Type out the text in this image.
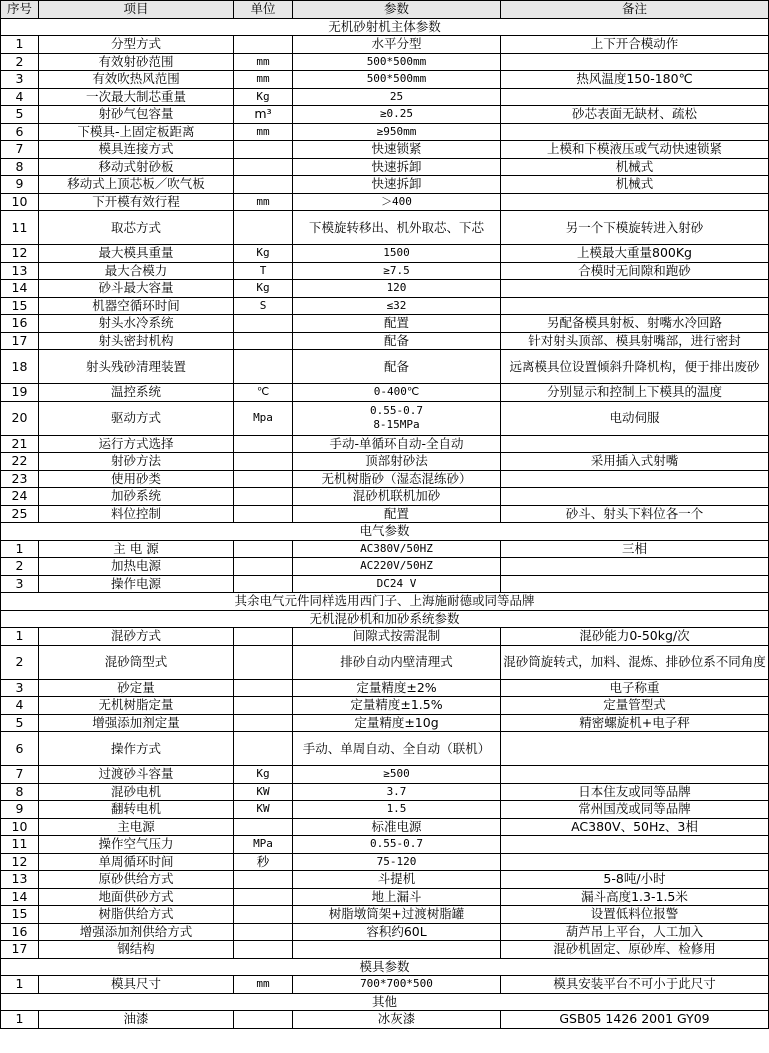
序号	项目	单位	参数	备注
无机砂射机主体参数				
1	分型方式		水平分型	上下开合模动作
2	有效射砂范围	mm	500*500mm	
3	有效吹热风范围	mm	500*500mm	热风温度150-180℃
4	一次最大制芯重量	Kg	25	
5	射砂气包容量	m³	≥0.25	砂芯表面无缺材、疏松
6	下模具-上固定板距离	mm	≥950mm	
7	模具连接方式		快速锁紧	上模和下模液压或气动快速锁紧
8	移动式射砂板		快速拆卸	机械式
9	移动式上顶芯板／吹气板		快速拆卸	机械式
10	下开模有效行程	mm	＞400	
11	取芯方式		下模旋转移出、机外取芯、下芯	另一个下模旋转进入射砂
12	最大模具重量	Kg	1500	上模最大重量800Kg
13	最大合模力	T	≥7.5	合模时无间隙和跑砂
14	砂斗最大容量	Kg	120	
15	机器空循环时间	S	≤32	
16	射头水冷系统		配置	另配备模具射板、射嘴水冷回路
17	射头密封机构		配备	针对射头顶部、模具射嘴部，进行密封
18	射头残砂清理装置		配备	远离模具位设置倾斜升降机构，便于排出废砂
19	温控系统	℃	0-400℃	分别显示和控制上下模具的温度
20	驱动方式	Mpa	0.55-0.7
8-15MPa	电动伺服
21	运行方式选择		手动-单循环自动-全自动	
22	射砂方法		顶部射砂法	采用插入式射嘴
23	使用砂类		无机树脂砂（湿态混练砂）	
24	加砂系统		混砂机联机加砂	
25	料位控制		配置	砂斗、射头下料位各一个
电气参数				
1	主 电 源		AC380V/50HZ	三相
2	加热电源		AC220V/50HZ	
3	操作电源		DC24 V	
其余电气元件同样选用西门子、上海施耐德或同等品牌				
无机混砂机和加砂系统参数				
1	混砂方式		间隙式按需混制	混砂能力0-50kg/次
2	混砂筒型式		排砂自动内壁清理式	混砂筒旋转式，加料、混炼、排砂位系不同角度
3	砂定量		定量精度±2%	电子称重
4	无机树脂定量		定量精度±1.5%	定量管型式
5	增强添加剂定量		定量精度±10g	精密螺旋机+电子秤
6	操作方式		手动、单周自动、全自动（联机）	
7	过渡砂斗容量	Kg	≥500	
8	混砂电机	KW	3.7	日本住友或同等品牌
9	翻转电机	KW	1.5	常州国茂或同等品牌
10	主电源		标准电源	AC380V、50Hz、3相
11	操作空气压力	MPa	0.55-0.7	
12	单周循环时间	秒	75-120	
13	原砂供给方式		斗提机	5-8吨/小时
14	地面供砂方式		地上漏斗	漏斗高度1.3-1.5米
15	树脂供给方式		树脂墩筒架+过渡树脂罐	设置低料位报警
16	增强添加剂供给方式		容积约60L	葫芦吊上平台，人工加入
17	钢结构			混砂机固定、原砂库、检修用
模具参数				
1	模具尺寸	mm	700*700*500	模具安装平台不可小于此尺寸
其他				
1	油漆		冰灰漆	GSB05 1426 2001 GY09
